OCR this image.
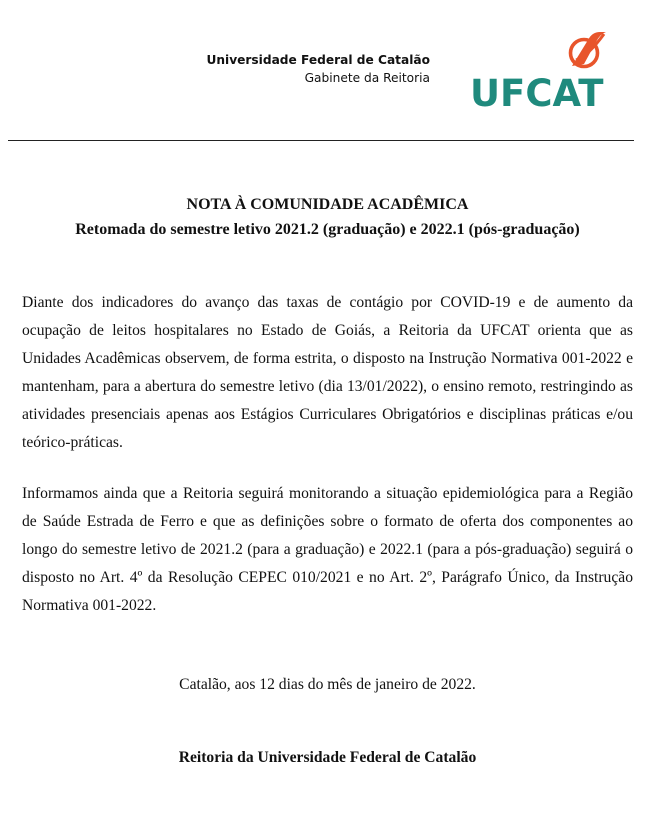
Universidade Federal de Catalão
Gabinete da Reitoria UFCAT
NOTA À COMUNIDADE ACADÊMICA
Retomada do semestre letivo 2021.2 (graduação) e 2022.1 (pós-graduação)

Diante dos indicadores do avanço das taxas de contágio por COVID-19 e de aumento da ocupação de leitos hospitalares no Estado de Goiás, a Reitoria da UFCAT orienta que as Unidades Acadêmicas observem, de forma estrita, o disposto na Instrução Normativa 001-2022 e mantenham, para a abertura do semestre letivo (dia 13/01/2022), o ensino remoto, restringindo as atividades presenciais apenas aos Estágios Curriculares Obrigatórios e disciplinas práticas e/ou teórico-práticas.

Informamos ainda que a Reitoria seguirá monitorando a situação epidemiológica para a Região de Saúde Estrada de Ferro e que as definições sobre o formato de oferta dos componentes ao longo do semestre letivo de 2021.2 (para a graduação) e 2022.1 (para a pós-graduação) seguirá o disposto no Art. 4º da Resolução CEPEC 010/2021 e no Art. 2º, Parágrafo Único, da Instrução Normativa 001-2022.

Catalão, aos 12 dias do mês de janeiro de 2022.
Reitoria da Universidade Federal de Catalão
